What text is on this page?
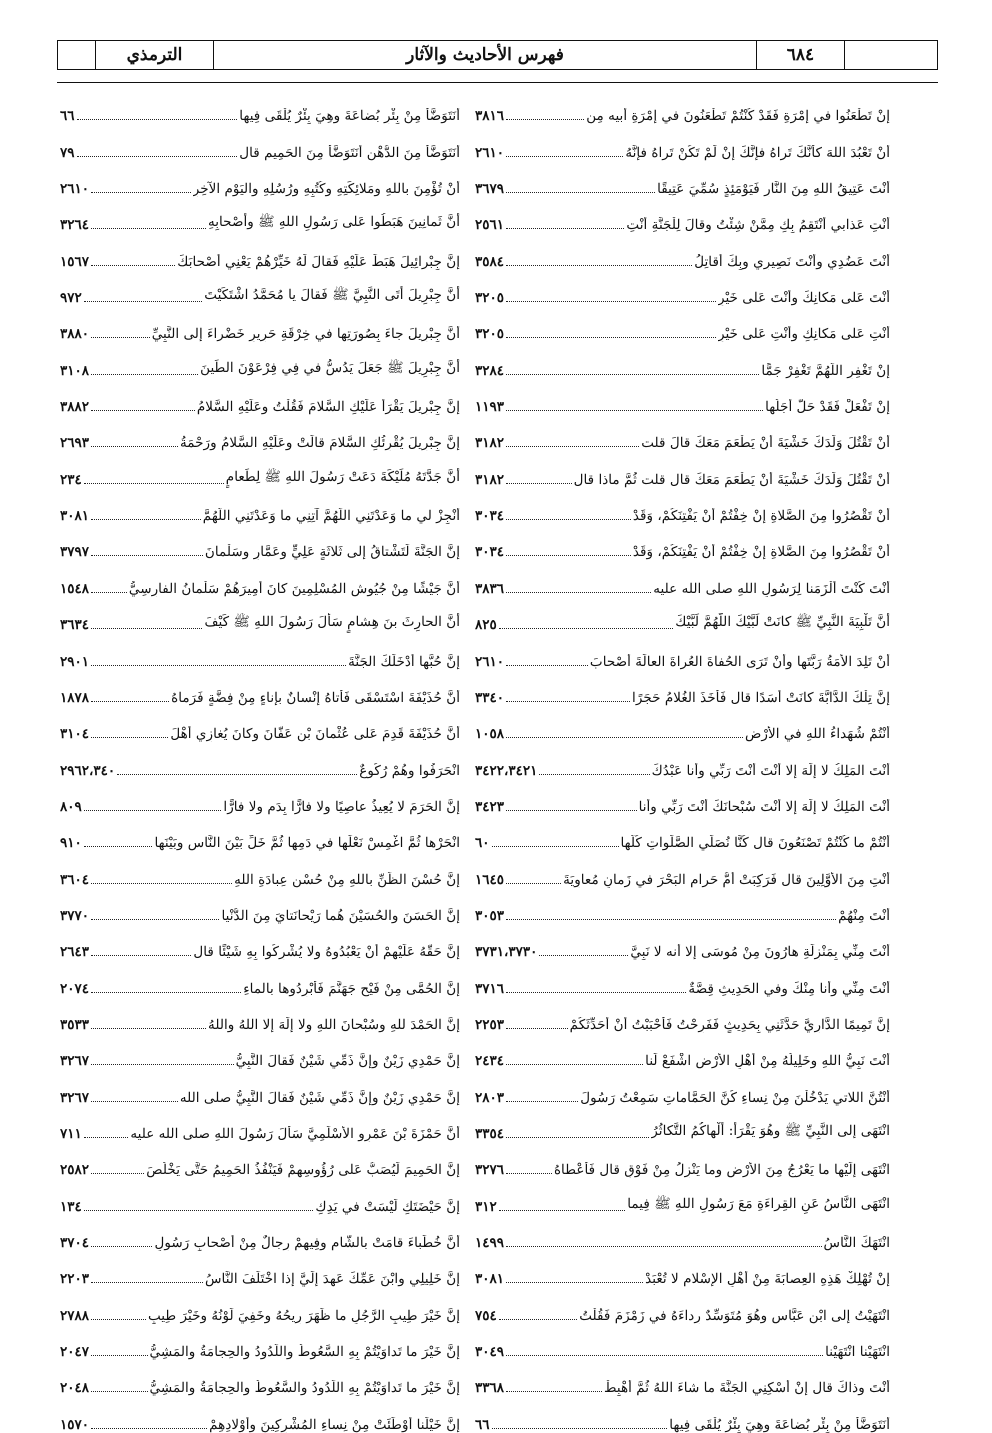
الترمذي	فهرس الأحاديث والآثار	٦٨٤
إنْ تَطْعَنُوا في إمْرَةِ فَقَدْ كُنْتُمْ تَطْعَنُونَ في إمْرَةِ أبيه مِن
٣٨١٦
أنْ تَعْبُدَ اللهَ كأنَّكَ تَراهُ فإنَّكَ إنْ لَمْ تَكُنْ تَراهُ فإنَّهُ
٢٦١٠
أنْتَ عَتِيقُ اللهِ مِنَ النَّارِ فَيَوْمَئِذٍ سُمِّيَ عَتِيقًا
٣٦٧٩
أنْتِ عَذابي أنْتَقِمُ بِكِ مِمَّنْ شِئْتُ وقالَ لِلْجَنَّةِ أنْتِ
٢٥٦١
أنْتَ عَضُدِي وأنْتَ نَصِيرِي وبِكَ أُقاتِلُ
٣٥٨٤
أنْتَ عَلى مَكانِكَ وأنْتَ عَلى خَيْرٍ
٣٢٠٥
أنْتِ عَلى مَكانِكِ وأنْتِ عَلى خَيْرٍ
٣٢٠٥
إنْ تَغْفِرِ اللَّهُمَّ تَغْفِرْ جَمًّا
٣٢٨٤
إنْ تَفْعَلْ فَقَدْ حَلَّ أجَلُها
١١٩٣
أنْ تَقْتُلَ وَلَدَكَ خَشْيَةَ أنْ يَطْعَمَ مَعَكَ قالَ قلت
٣١٨٢
أنْ تَقْتُلَ وَلَدَكَ خَشْيَةَ أنْ يَطْعَمَ مَعَكَ قال قلت ثُمَّ ماذا قال
٣١٨٢
أنْ تَقْصُرُوا مِنَ الصَّلاةِ إنْ خِفْتُمْ أنْ يَفْتِنَكُمْ، وَقَدْ
٣٠٣٤
أنْ تَقْصُرُوا مِنَ الصَّلاةِ إنْ خِفْتُمْ أنْ يَفْتِنَكُمْ، وَقَدْ
٣٠٣٤
أنْتَ كُنْتَ أَلْزَمَنا لِرَسُولِ اللهِ صلى الله عليه
٣٨٣٦
أنَّ تَلْبِيَةَ النَّبِيِّ ﷺ كانَتْ لَبَّيْكَ اللَّهُمَّ لَبَّيْكَ
٨٢٥
أنْ تَلِدَ الأمَةُ رَبَّتَها وأنْ تَرَى الحُفاةَ العُراةَ العالَةَ أصْحابَ
٢٦١٠
إنَّ تِلْكَ الدَّابَّةَ كانَتْ أسَدًا قال فَأخَذَ الغُلامُ حَجَرًا
٣٣٤٠
أنْتُمْ شُهَداءُ اللهِ في الأرْضِ
١٠٥٨
أنْتَ المَلِكُ لا إلَهَ إلا أنْتَ أنْتَ رَبِّي وأنا عَبْدُكَ
٣٤٢٢،٣٤٢١
أنْتَ المَلِكُ لا إلَهَ إلا أنْتَ سُبْحانَكَ أنْتَ رَبِّي وأنا
٣٤٢٣
أنْتُمْ ما كُنْتُمْ تَصْنَعُونَ قال كُنَّا نُصَلِّي الصَّلَواتِ كُلَّها
٦٠
أنْتِ مِنَ الأوَّلِينَ قال فَرَكِبَتْ أُمُّ حَرامٍ البَحْرَ في زَمانِ مُعاوِيَةَ
١٦٤٥
أنْتَ مِنْهُمْ
٣٠٥٣
أنْتَ مِنِّي بِمَنْزِلَةِ هارُونَ مِنْ مُوسَى إلا أنه لا نَبِيَّ
٣٧٣١،٣٧٣٠
أنْتَ مِنِّي وأنا مِنْكَ وفي الحَدِيثِ قِصَّةٌ
٣٧١٦
إنَّ تَمِيمًا الدَّارِيَّ حَدَّثَنِي بِحَدِيثٍ فَفَرِحْتُ فَأحْبَبْتُ أنْ أُحَدِّثَكُمْ
٢٢٥٣
أنْتَ نَبِيُّ اللهِ وخَلِيلُهُ مِنْ أهْلِ الأرْضِ اشْفَعْ لَنا
٢٤٣٤
أنْتُنَّ اللاتي يَدْخُلْنَ مِنْ نِساءِ كُنَّ الحَمَّاماتِ سَمِعْتُ رَسُولَ
٢٨٠٣
انْتَهَى إلى النَّبِيِّ ﷺ وهُوَ يَقْرَأُ: أَلْهاكُمُ التَّكاثُرُ
٣٣٥٤
انْتَهَى إلَيْها ما يَعْرُجُ مِنَ الأرْضِ وما يَنْزِلُ مِنْ فَوْقٍ قال فَأعْطاهُ
٣٢٧٦
انْتَهَى النَّاسُ عَنِ القِراءَةِ مَعَ رَسُولِ اللهِ ﷺ فِيما
٣١٢
انْتَهَكَ النَّاسُ
١٤٩٩
إنْ تُهْلِكْ هَذِهِ العِصابَةَ مِنْ أهْلِ الإسْلامِ لا تُعْبَدْ
٣٠٨١
انْتَهَيْتُ إلى ابْنِ عَبَّاسٍ وهُوَ مُتَوَسِّدٌ رِداءَهُ في زَمْزَمَ فَقُلْتُ
٧٥٤
انْتَهَيْنا انْتَهَيْنا
٣٠٤٩
أنْتَ وذاكَ قال إنْ أُسْكِنِي الجَنَّةَ ما شاءَ اللهُ ثُمَّ أهْبِطْ
٣٣٦٨
أنَتَوَضَّأُ مِنْ بِئْرِ بُضاعَةَ وهِيَ بِئْرٌ يُلْقَى فِيها
٦٦
أنَتَوَضَّأُ مِنْ بِئْرِ بُضاعَةَ وهِيَ بِئْرٌ يُلْقَى فِيها
٦٦
أنَتَوَضَّأُ مِنَ الدُّهْنِ أنَتَوَضَّأُ مِنَ الحَمِيمِ قال
٧٩
أنْ تُؤْمِنَ باللهِ ومَلائِكَتِهِ وكُتُبِهِ ورُسُلِهِ واليَوْمِ الآخِرِ
٢٦١٠
أنَّ ثَمانِينَ هَبَطُوا عَلى رَسُولِ اللهِ ﷺ وأصْحابِهِ
٣٢٦٤
إنَّ جِبْرائِيلَ هَبَطَ عَلَيْهِ فَقالَ لَهُ خَيِّرْهُمْ يَعْنِي أصْحابَكَ
١٥٦٧
أنَّ جِبْرِيلَ أتَى النَّبِيَّ ﷺ فَقالَ يا مُحَمَّدُ اشْتَكَيْتَ
٩٧٢
أنَّ جِبْرِيلَ جاءَ بِصُورَتِها في خِرْقَةِ حَرِيرٍ خَضْراءَ إلى النَّبِيِّ
٣٨٨٠
أنَّ جِبْرِيلَ ﷺ جَعَلَ يَدُسُّ في فِي فِرْعَوْنَ الطِّينَ
٣١٠٨
إنَّ جِبْرِيلَ يَقْرَأُ عَلَيْكِ السَّلامَ فَقُلْتُ وعَلَيْهِ السَّلامُ
٣٨٨٢
إنَّ جِبْرِيلَ يُقْرِئُكِ السَّلامَ قالَتْ وعَلَيْهِ السَّلامُ ورَحْمَةُ
٢٦٩٣
أنَّ جَدَّتَهُ مُلَيْكَةَ دَعَتْ رَسُولَ اللهِ ﷺ لِطَعامٍ
٢٣٤
أنْجِزْ لي ما وَعَدْتَنِي اللَّهُمَّ آتِنِي ما وَعَدْتَنِي اللَّهُمَّ
٣٠٨١
إنَّ الجَنَّةَ لَتَشْتاقُ إلى ثَلاثَةٍ عَلِيٍّ وعَمَّارٍ وسَلْمانَ
٣٧٩٧
أنَّ جَيْشًا مِنْ جُيُوشِ المُسْلِمِينَ كانَ أمِيرَهُمْ سَلْمانُ الفارِسِيُّ
١٥٤٨
أنَّ الحارِثَ بنَ هِشامٍ سَألَ رَسُولَ اللهِ ﷺ كَيْفَ
٣٦٣٤
إنَّ حُبَّها أدْخَلَكَ الجَنَّةَ
٢٩٠١
أنَّ حُذَيْفَةَ اسْتَسْقَى فَأتاهُ إنْسانٌ بإناءٍ مِنْ فِضَّةٍ فَرَماهُ
١٨٧٨
أنَّ حُذَيْفَةَ قَدِمَ عَلى عُثْمانَ بْنِ عَفَّانَ وكانَ يُغازِي أهْلَ
٣١٠٤
انْحَرَفُوا وهُمْ رُكُوعٌ
٢٩٦٢،٣٤٠
إنَّ الحَرَمَ لا يُعِيذُ عاصِيًا ولا فارًّا بِدَمٍ ولا فارًّا
٨٠٩
انْحَرْها ثُمَّ اغْمِسْ نَعْلَها في دَمِها ثُمَّ خَلِّ بَيْنَ النَّاسِ وبَيْنَها
٩١٠
إنَّ حُسْنَ الظَّنِّ باللهِ مِنْ حُسْنِ عِبادَةِ اللهِ
٣٦٠٤
إنَّ الحَسَنَ والحُسَيْنَ هُما رَيْحانَتايَ مِنَ الدُّنْيا
٣٧٧٠
إنَّ حَقَّهُ عَلَيْهِمْ أنْ يَعْبُدُوهُ ولا يُشْرِكُوا بِهِ شَيْئًا قال
٢٦٤٣
إنَّ الحُمَّى مِنْ فَيْحِ جَهَنَّمَ فَأبْرِدُوها بالماءِ
٢٠٧٤
إنَّ الحَمْدَ للهِ وسُبْحانَ اللهِ ولا إلَهَ إلا اللهُ واللهُ
٣٥٣٣
إنَّ حَمْدِي زَيْنٌ وإنَّ ذَمِّي شَيْنٌ فَقالَ النَّبِيُّ
٣٢٦٧
إنَّ حَمْدِي زَيْنٌ وإنَّ ذَمِّي شَيْنٌ فَقالَ النَّبِيُّ صلى الله
٣٢٦٧
أنَّ حَمْزَةَ بْنَ عَمْرٍو الأسْلَمِيَّ سَألَ رَسُولَ اللهِ صلى الله عليه
٧١١
إنَّ الحَمِيمَ لَيُصَبُّ عَلى رُؤُوسِهِمْ فَيَنْفُذُ الحَمِيمُ حَتَّى يَخْلُصَ
٢٥٨٢
إنَّ حَيْضَتَكِ لَيْسَتْ في يَدِكِ
١٣٤
أنَّ خُطَباءَ قامَتْ بالشَّامِ وفِيهِمْ رِجالٌ مِنْ أصْحابِ رَسُولِ
٣٧٠٤
إنَّ خَلِيلِي وابْنَ عَمِّكَ عَهِدَ إلَيَّ إذا اخْتَلَفَ النَّاسُ
٢٢٠٣
إنَّ خَيْرَ طِيبِ الرَّجُلِ ما ظَهَرَ رِيحُهُ وخَفِيَ لَوْنُهُ وخَيْرَ طِيبِ
٢٧٨٨
إنَّ خَيْرَ ما تَداوَيْتُمْ بِهِ السَّعُوطُ واللَّدُودُ والحِجامَةُ والمَشِيُّ
٢٠٤٧
إنَّ خَيْرَ ما تَداوَيْتُمْ بِهِ اللَّدُودُ والسَّعُوطُ والحِجامَةُ والمَشِيُّ
٢٠٤٨
إنَّ خَيْلَنا أوْطَئَتْ مِنْ نِساءِ المُشْرِكِينَ وأوْلادِهِمْ
١٥٧٠
